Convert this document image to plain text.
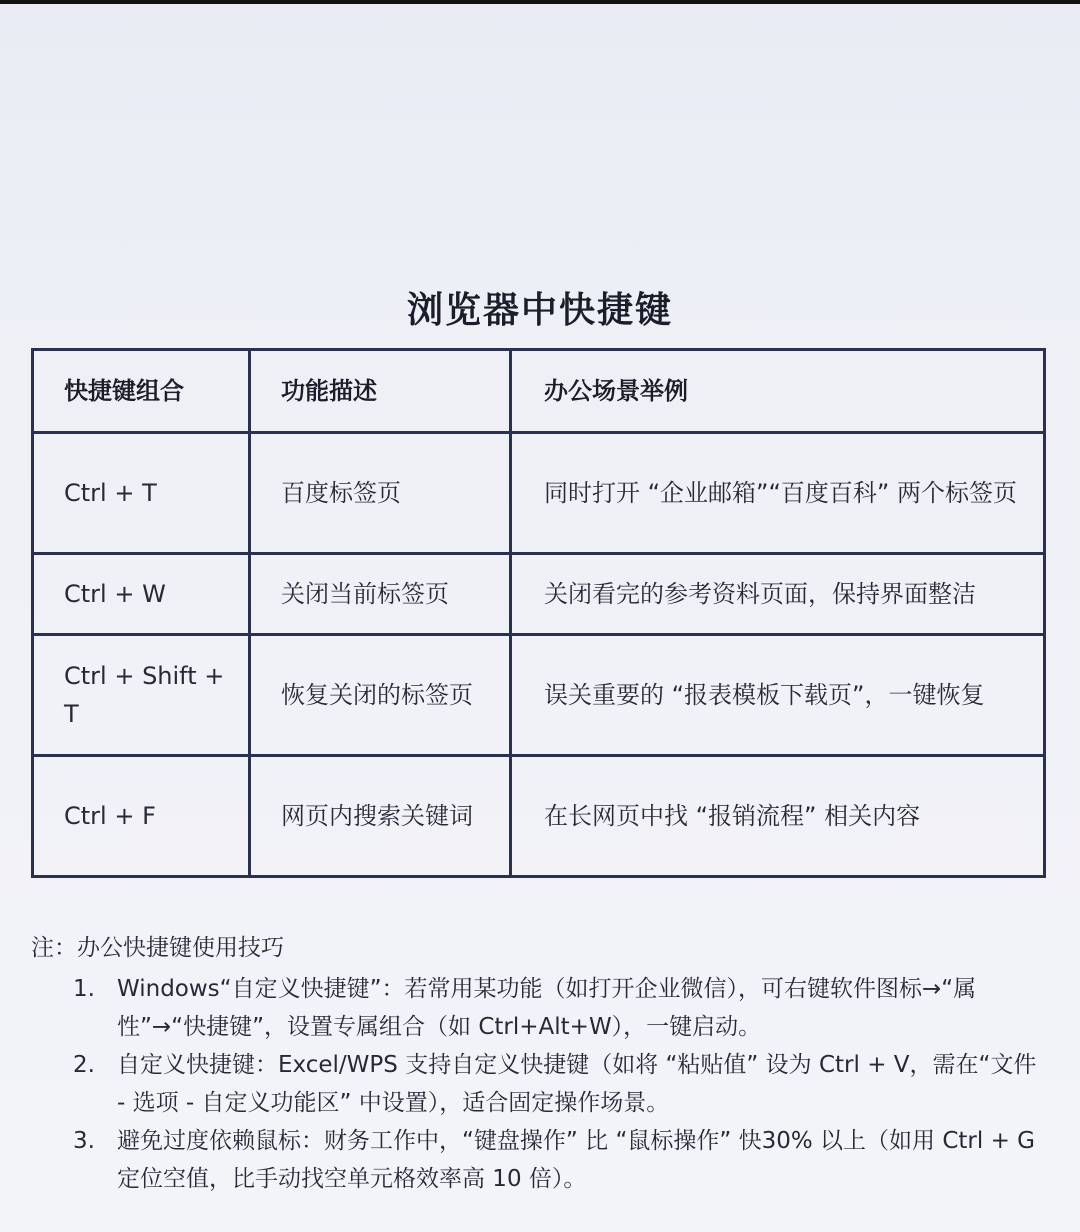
浏览器中快捷键
快捷键组合	功能描述	办公场景举例
Ctrl + T	百度标签页	同时打开 “企业邮箱”“百度百科” 两个标签页
Ctrl + W	关闭当前标签页	关闭看完的参考资料页面，保持界面整洁
Ctrl + Shift + T	恢复关闭的标签页	误关重要的 “报表模板下载页”，一键恢复
Ctrl + F	网页内搜索关键词	在长网页中找 “报销流程” 相关内容
注：办公快捷键使用技巧
1. Windows“自定义快捷键”：若常用某功能（如打开企业微信），可右键软件图标→“属性”→“快捷键”，设置专属组合（如 Ctrl+Alt+W），一键启动。
2. 自定义快捷键：Excel/WPS 支持自定义快捷键（如将 “粘贴值” 设为 Ctrl + V，需在“文件 - 选项 - 自定义功能区” 中设置），适合固定操作场景。
3. 避免过度依赖鼠标：财务工作中，“键盘操作” 比 “鼠标操作” 快30% 以上（如用 Ctrl + G 定位空值，比手动找空单元格效率高 10 倍）。
